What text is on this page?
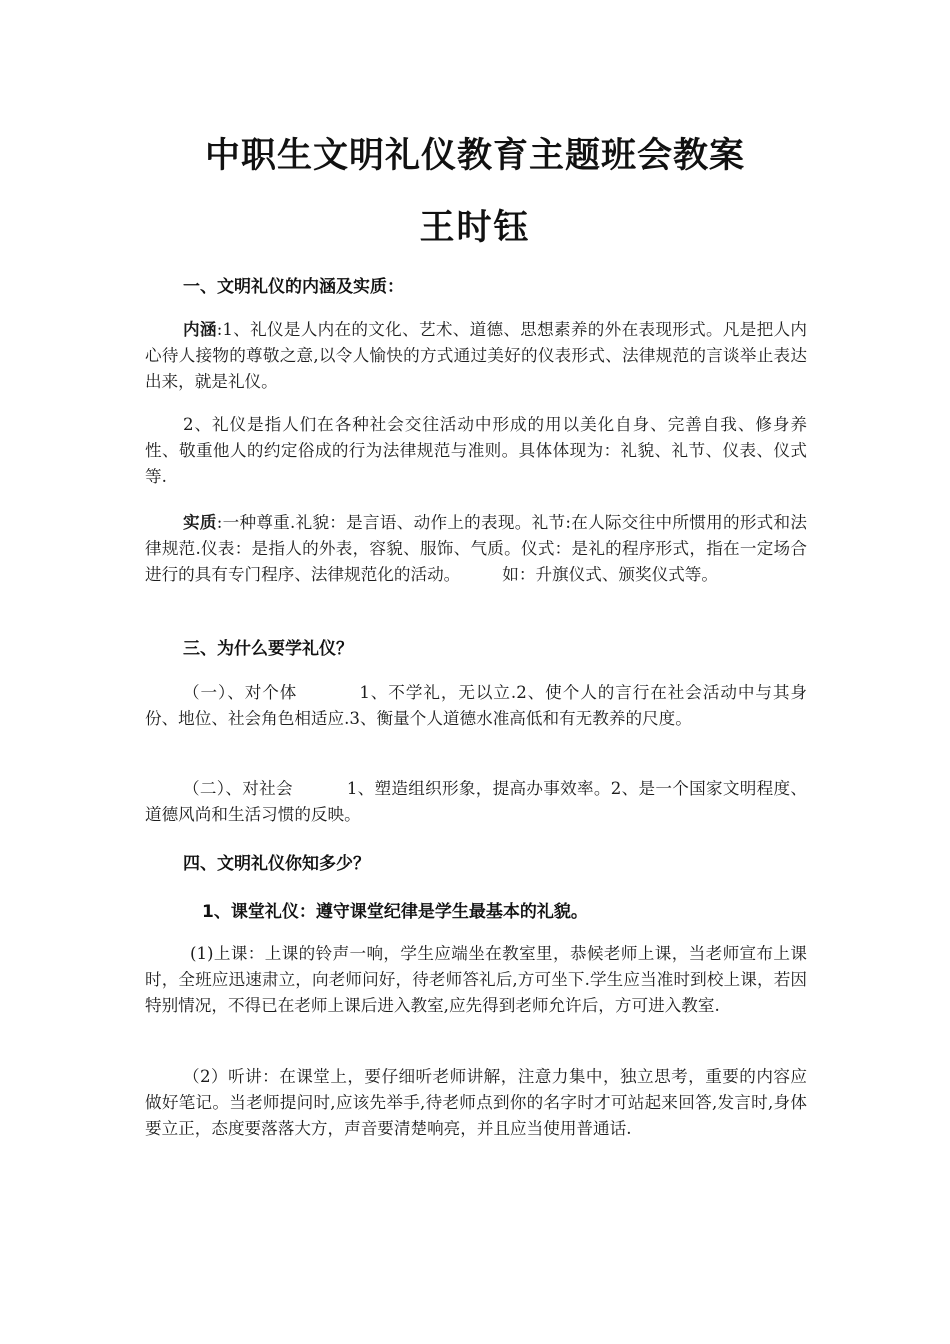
中职生文明礼仪教育主题班会教案
王时钰
一、文明礼仪的内涵及实质：

内涵:1、礼仪是人内在的文化、艺术、道德、思想素养的外在表现形式。凡是把人内心待人接物的尊敬之意,以令人愉快的方式通过美好的仪表形式、法律规范的言谈举止表达出来，就是礼仪。

2、礼仪是指人们在各种社会交往活动中形成的用以美化自身、完善自我、修身养性、敬重他人的约定俗成的行为法律规范与准则。具体体现为：礼貌、礼节、仪表、仪式等.

实质:一种尊重.礼貌：是言语、动作上的表现。礼节:在人际交往中所惯用的形式和法律规范.仪表：是指人的外表，容貌、服饰、气质。仪式：是礼的程序形式，指在一定场合进行的具有专门程序、法律规范化的活动。	如：升旗仪式、颁奖仪式等。

三、为什么要学礼仪？

（一）、对个体	1、不学礼，无以立.2、使个人的言行在社会活动中与其身份、地位、社会角色相适应.3、衡量个人道德水准高低和有无教养的尺度。

（二）、对社会	1、塑造组织形象，提高办事效率。2、是一个国家文明程度、道德风尚和生活习惯的反映。

四、文明礼仪你知多少？
1、课堂礼仪：遵守课堂纪律是学生最基本的礼貌。

(1)上课：上课的铃声一响，学生应端坐在教室里，恭候老师上课，当老师宣布上课时，全班应迅速肃立，向老师问好，待老师答礼后,方可坐下.学生应当准时到校上课，若因特别情况，不得已在老师上课后进入教室,应先得到老师允许后，方可进入教室.

（2）听讲：在课堂上，要仔细听老师讲解，注意力集中，独立思考，重要的内容应做好笔记。当老师提问时,应该先举手,待老师点到你的名字时才可站起来回答,发言时,身体要立正，态度要落落大方，声音要清楚响亮，并且应当使用普通话.
